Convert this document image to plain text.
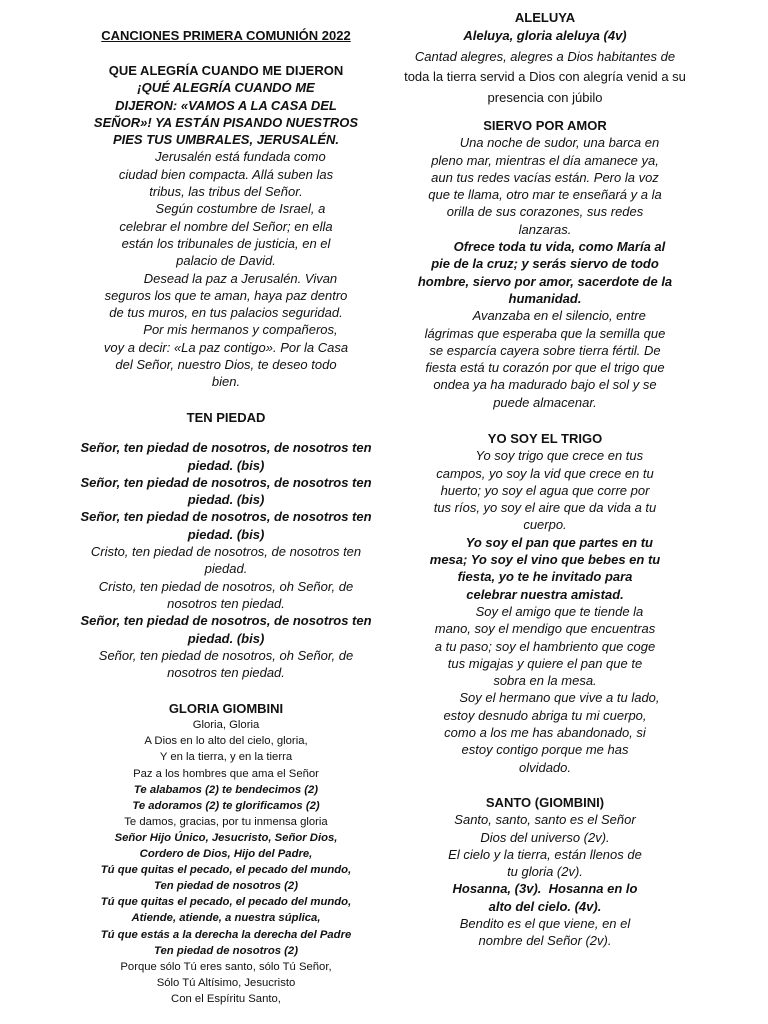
CANCIONES PRIMERA COMUNIÓN 2022
QUE ALEGRÍA CUANDO ME DIJERON
¡QUÉ ALEGRÍA CUANDO ME
DIJERON: «VAMOS A LA CASA DEL
SEÑOR»! YA ESTÁN PISANDO NUESTROS
PIES TUS UMBRALES, JERUSALÉN.
Jerusalén está fundada como
ciudad bien compacta. Allá suben las
tribus, las tribus del Señor.
Según costumbre de Israel, a
celebrar el nombre del Señor; en ella
están los tribunales de justicia, en el
palacio de David.
Desead la paz a Jerusalén. Vivan
seguros los que te aman, haya paz dentro
de tus muros, en tus palacios seguridad.
Por mis hermanos y compañeros,
voy a decir: «La paz contigo». Por la Casa
del Señor, nuestro Dios, te deseo todo
bien.
TEN PIEDAD
Señor, ten piedad de nosotros, de nosotros ten
piedad. (bis)
Señor, ten piedad de nosotros, de nosotros ten
piedad. (bis)
Señor, ten piedad de nosotros, de nosotros ten
piedad. (bis)
Cristo, ten piedad de nosotros, de nosotros ten
piedad.
Cristo, ten piedad de nosotros, oh Señor, de
nosotros ten piedad.
Señor, ten piedad de nosotros, de nosotros ten
piedad. (bis)
Señor, ten piedad de nosotros, oh Señor, de
nosotros ten piedad.
GLORIA GIOMBINI
Gloria, Gloria
A Dios en lo alto del cielo, gloria,
Y en la tierra, y en la tierra
Paz a los hombres que ama el Señor
Te alabamos (2) te bendecimos (2)
Te adoramos (2) te glorificamos (2)
Te damos, gracias, por tu inmensa gloria
Señor Hijo Único, Jesucristo, Señor Dios,
Cordero de Dios, Hijo del Padre,
Tú que quitas el pecado, el pecado del mundo,
Ten piedad de nosotros (2)
Tú que quitas el pecado, el pecado del mundo,
Atiende, atiende, a nuestra súplica,
Tú que estás a la derecha la derecha del Padre
Ten piedad de nosotros (2)
Porque sólo Tú eres santo, sólo Tú Señor,
Sólo Tú Altísimo, Jesucristo
Con el Espíritu Santo,
ALELUYA
Aleluya, gloria aleluya (4v)
Cantad alegres, alegres a Dios habitantes de
toda la tierra servid a Dios con alegría venid a su
presencia con júbilo
SIERVO POR AMOR
Una noche de sudor, una barca en
pleno mar, mientras el día amanece ya,
aun tus redes vacías están. Pero la voz
que te llama, otro mar te enseñará y a la
orilla de sus corazones, sus redes
lanzaras.
Ofrece toda tu vida, como María al
pie de la cruz; y serás siervo de todo
hombre, siervo por amor, sacerdote de la
humanidad.
Avanzaba en el silencio, entre
lágrimas que esperaba que la semilla que
se esparcía cayera sobre tierra fértil. De
fiesta está tu corazón por que el trigo que
ondea ya ha madurado bajo el sol y se
puede almacenar.
YO SOY EL TRIGO
Yo soy trigo que crece en tus
campos, yo soy la vid que crece en tu
huerto; yo soy el agua que corre por
tus ríos, yo soy el aire que da vida a tu
cuerpo.
Yo soy el pan que partes en tu
mesa; Yo soy el vino que bebes en tu
fiesta, yo te he invitado para
celebrar nuestra amistad.
Soy el amigo que te tiende la
mano, soy el mendigo que encuentras
a tu paso; soy el hambriento que coge
tus migajas y quiere el pan que te
sobra en la mesa.
Soy el hermano que vive a tu lado,
estoy desnudo abriga tu mi cuerpo,
como a los me has abandonado, si
estoy contigo porque me has
olvidado.
SANTO (GIOMBINI)
Santo, santo, santo es el Señor
Dios del universo (2v).
El cielo y la tierra, están llenos de
tu gloria (2v).
Hosanna, (3v).  Hosanna en lo
alto del cielo. (4v).
Bendito es el que viene, en el
nombre del Señor (2v).
